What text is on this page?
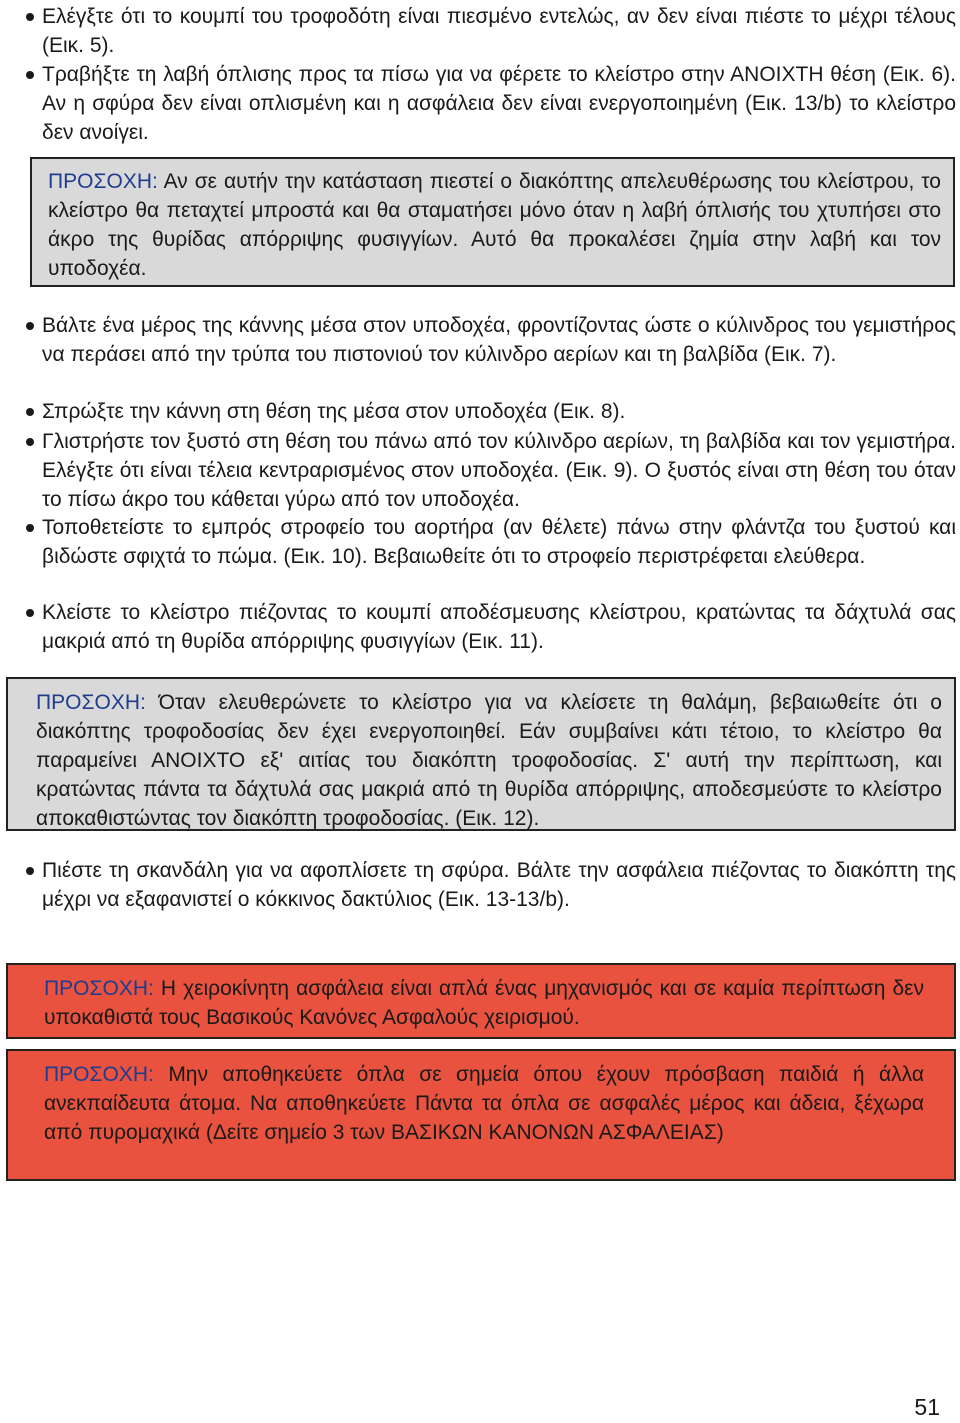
Ελέγξτε ότι το κουμπί του τροφοδότη είναι πιεσμένο εντελώς, αν δεν είναι πιέστε το μέχρι τέλους (Εικ. 5).
Τραβήξτε τη λαβή όπλισης προς τα πίσω για να φέρετε το κλείστρο στην ΑΝΟΙΧΤΗ θέση (Εικ. 6). Αν η σφύρα δεν είναι οπλισμένη και η ασφάλεια δεν είναι ενεργοποιημένη (Εικ. 13/b) το κλείστρο δεν ανοίγει.
ΠΡΟΣΟΧΗ: Αν σε αυτήν την κατάσταση πιεστεί ο διακόπτης απελευθέρωσης του κλείστρου, το κλείστρο θα πεταχτεί μπροστά και θα σταματήσει μόνο όταν η λαβή όπλισής του χτυπήσει στο άκρο της θυρίδας απόρριψης φυσιγγίων. Αυτό θα προκαλέσει ζημία στην λαβή και τον υποδοχέα.
Βάλτε ένα μέρος της κάννης μέσα στον υποδοχέα, φροντίζοντας ώστε ο κύλινδρος του γεμιστήρος να περάσει από την τρύπα του πιστονιού τον κύλινδρο αερίων και τη βαλβίδα (Εικ. 7).
Σπρώξτε την κάννη στη θέση της μέσα στον υποδοχέα (Εικ. 8).
Γλιστρήστε τον ξυστό στη θέση του πάνω από τον κύλινδρο αερίων, τη βαλβίδα και τον γεμιστήρα. Ελέγξτε ότι είναι τέλεια κεντραρισμένος στον υποδοχέα. (Εικ. 9). Ο ξυστός είναι στη θέση του όταν το πίσω άκρο του κάθεται γύρω από τον υποδοχέα.
Τοποθετείστε το εμπρός στροφείο του αορτήρα (αν θέλετε) πάνω στην φλάντζα του ξυστού και βιδώστε σφιχτά το πώμα. (Εικ. 10). Βεβαιωθείτε ότι το στροφείο περιστρέφεται ελεύθερα.
Κλείστε το κλείστρο πιέζοντας το κουμπί αποδέσμευσης κλείστρου, κρατώντας τα δάχτυλά σας μακριά από τη θυρίδα απόρριψης φυσιγγίων (Εικ. 11).
ΠΡΟΣΟΧΗ: Όταν ελευθερώνετε το κλείστρο για να κλείσετε τη θαλάμη, βεβαιωθείτε ότι ο διακόπτης τροφοδοσίας δεν έχει ενεργοποιηθεί. Εάν συμβαίνει κάτι τέτοιο, το κλείστρο θα παραμείνει ΑΝΟΙΧΤΟ εξ' αιτίας του διακόπτη τροφοδοσίας. Σ' αυτή την περίπτωση, και κρατώντας πάντα τα δάχτυλά σας μακριά από τη θυρίδα απόρριψης, αποδεσμεύστε το κλείστρο αποκαθιστώντας τον διακόπτη τροφοδοσίας. (Εικ. 12).
Πιέστε τη σκανδάλη για να αφοπλίσετε τη σφύρα. Βάλτε την ασφάλεια πιέζοντας το διακόπτη της μέχρι να εξαφανιστεί ο κόκκινος δακτύλιος (Εικ. 13-13/b).
ΠΡΟΣΟΧΗ: Η χειροκίνητη ασφάλεια είναι απλά ένας μηχανισμός και σε καμία περίπτωση δεν υποκαθιστά τους Βασικούς Κανόνες Ασφαλούς χειρισμού.
ΠΡΟΣΟΧΗ: Μην αποθηκεύετε όπλα σε σημεία όπου έχουν πρόσβαση παιδιά ή άλλα ανεκπαίδευτα άτομα. Να αποθηκεύετε Πάντα τα όπλα σε ασφαλές μέρος και άδεια, ξέχωρα από πυρομαχικά (Δείτε σημείο 3 των ΒΑΣΙΚΩΝ ΚΑΝΟΝΩΝ ΑΣΦΑΛΕΙΑΣ)
51
